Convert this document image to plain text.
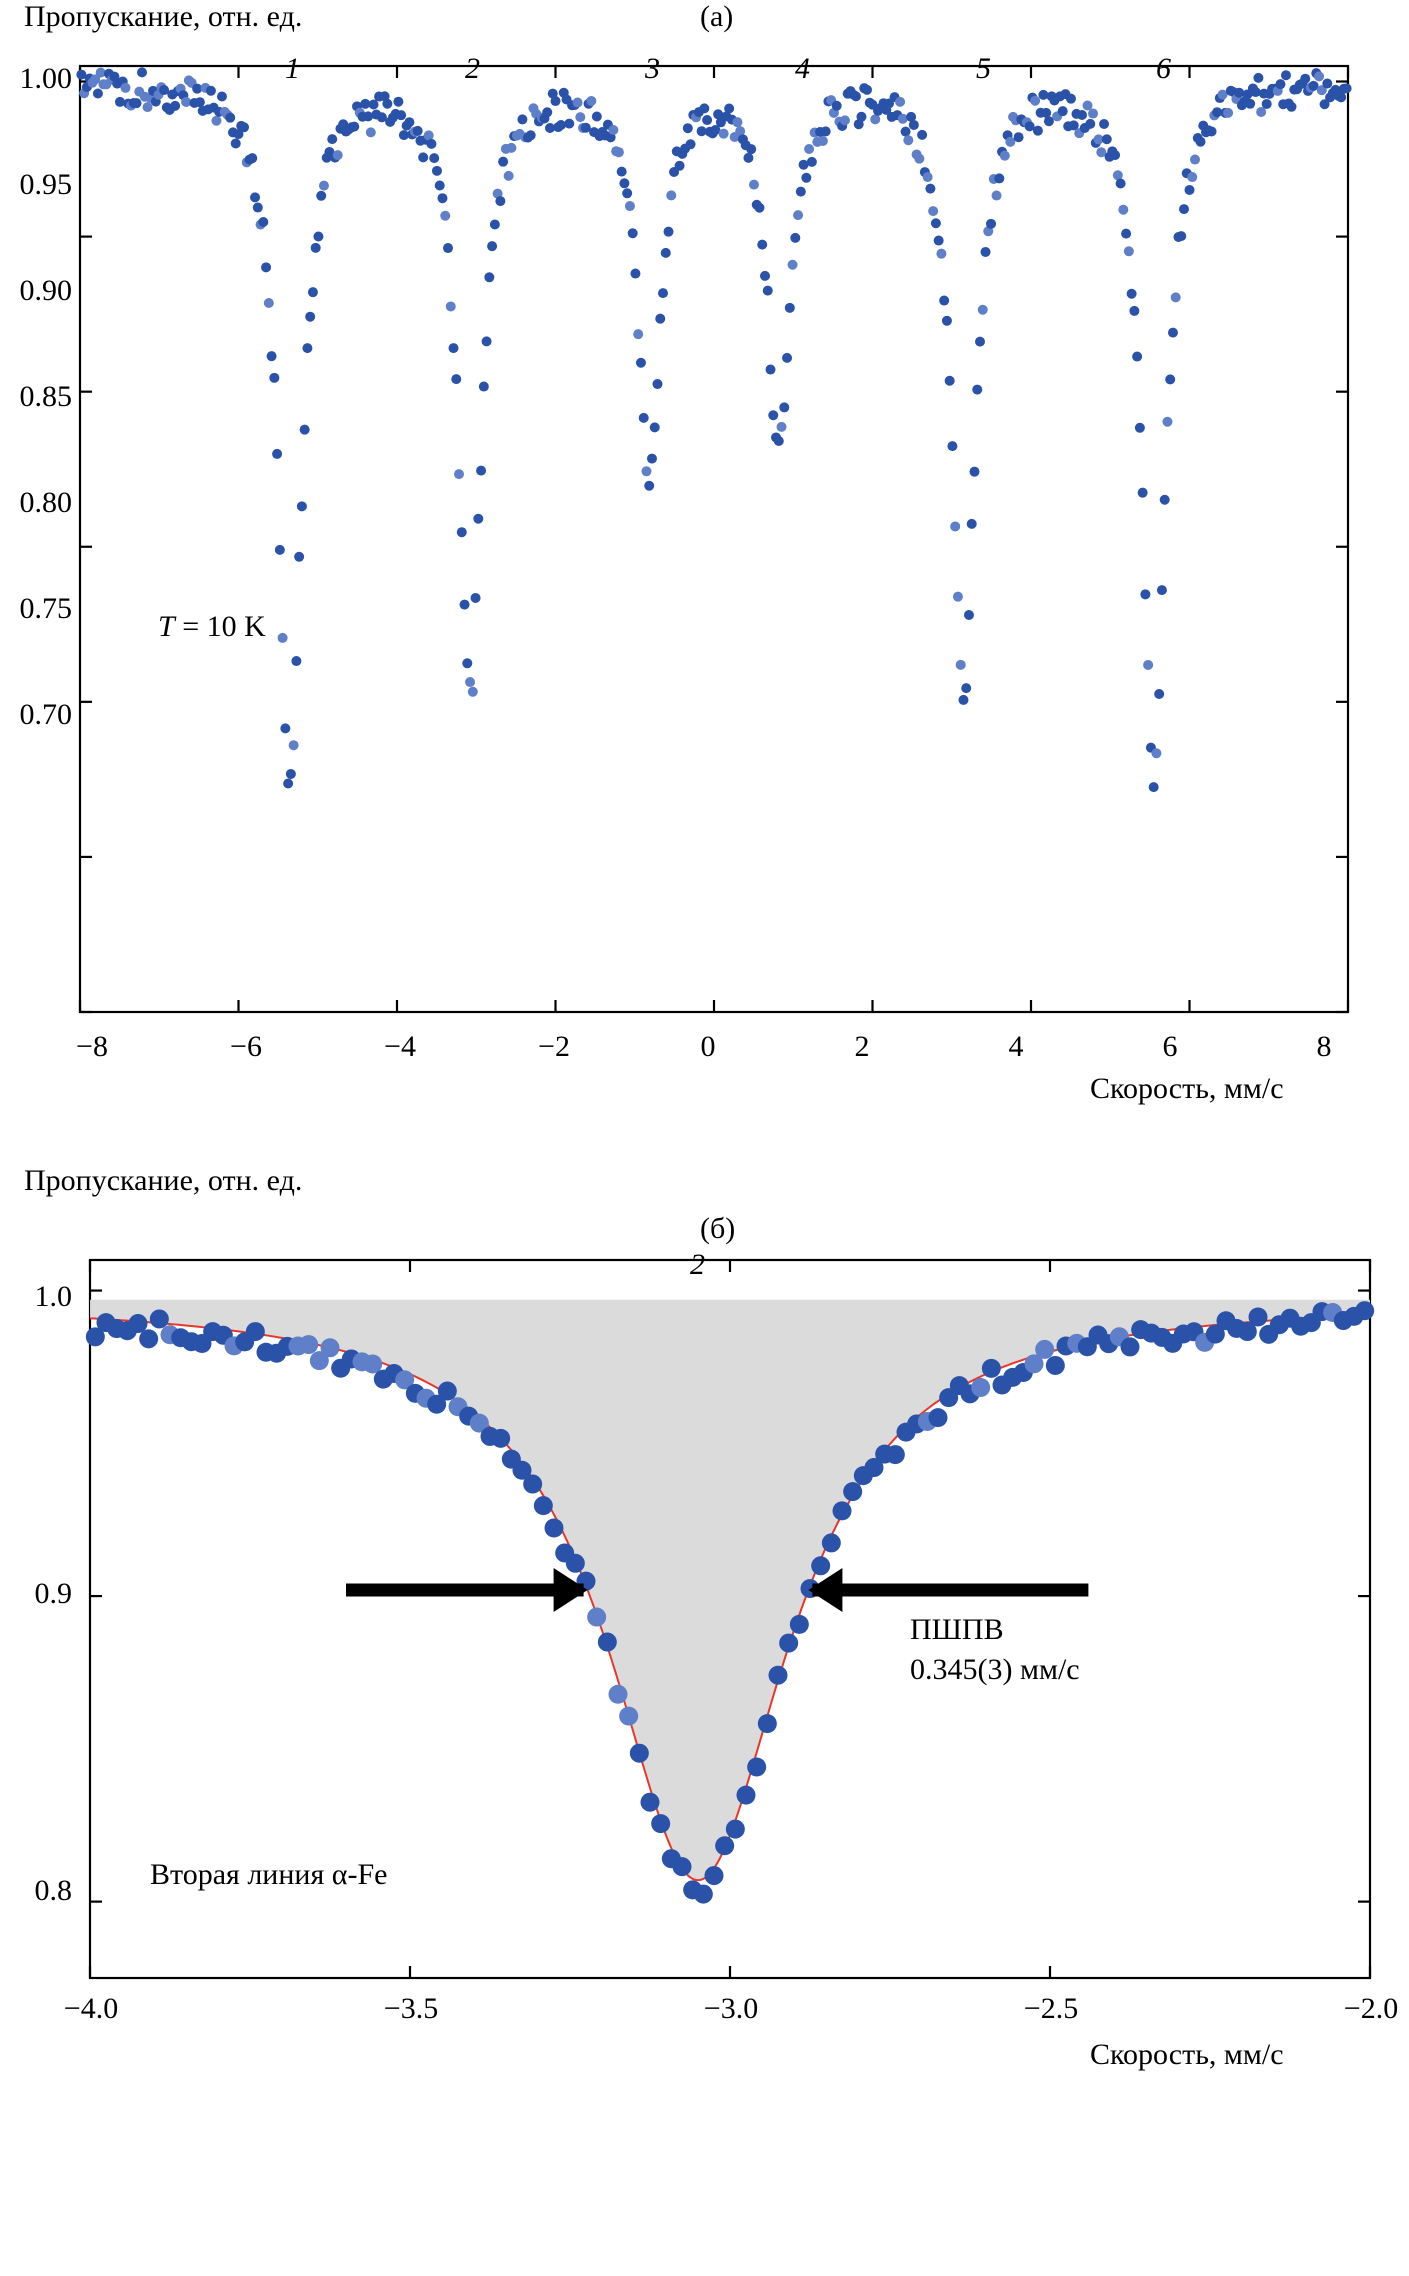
Пропускание, отн. ед.	(а)
1.00
0.95
0.90
0.85
0.80
0.75
0.70
−8	−6	−4	−2	0	2	4	6	8
Скорость, мм/с
1	2	3	4	5	6
T = 10 K
Пропускание, отн. ед.
(б)
1.0
0.9
0.8
−4.0	−3.5	−3.0	−2.5	−2.0
Скорость, мм/с
2
ПШПВ
0.345(3) мм/с
Вторая линия α-Fe
